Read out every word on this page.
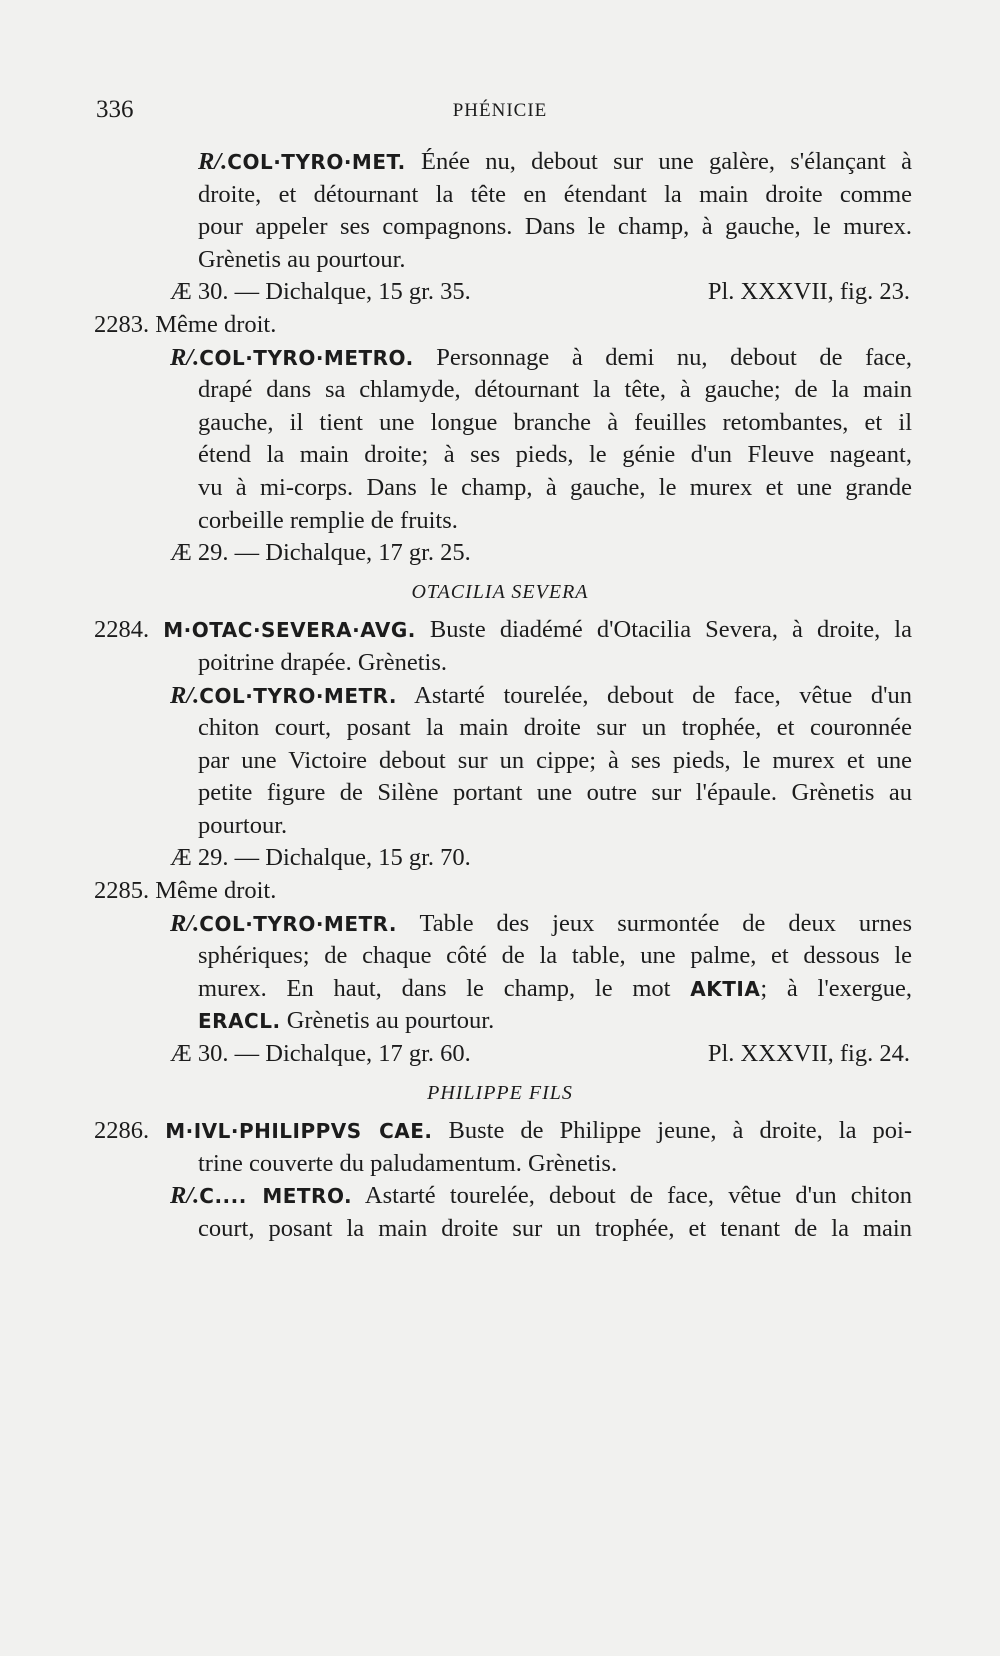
336	PHÉNICIE
R/.COL·TYRO·MET. Énée nu, debout sur une galère, s'élançant à
droite, et détournant la tête en étendant la main droite comme
pour appeler ses compagnons. Dans le champ, à gauche, le murex.
Grènetis au pourtour.
Æ 30. — Dichalque, 15 gr. 35.	Pl. XXXVII, fig. 23.
2283. Même droit.
R/.COL·TYRO·METRO. Personnage à demi nu, debout de face,
drapé dans sa chlamyde, détournant la tête, à gauche; de la main
gauche, il tient une longue branche à feuilles retombantes, et il
étend la main droite; à ses pieds, le génie d'un Fleuve nageant,
vu à mi-corps. Dans le champ, à gauche, le murex et une grande
corbeille remplie de fruits.
Æ 29. — Dichalque, 17 gr. 25.
OTACILIA SEVERA
2284. M·OTAC·SEVERA·AVG. Buste diadémé d'Otacilia Severa, à droite, la
poitrine drapée. Grènetis.
R/.COL·TYRO·METR. Astarté tourelée, debout de face, vêtue d'un
chiton court, posant la main droite sur un trophée, et couronnée
par une Victoire debout sur un cippe; à ses pieds, le murex et une
petite figure de Silène portant une outre sur l'épaule. Grènetis au
pourtour.
Æ 29. — Dichalque, 15 gr. 70.
2285. Même droit.
R/.COL·TYRO·METR. Table des jeux surmontée de deux urnes
sphériques; de chaque côté de la table, une palme, et dessous le
murex. En haut, dans le champ, le mot AKTIA; à l'exergue,
ERACL. Grènetis au pourtour.
Æ 30. — Dichalque, 17 gr. 60.	Pl. XXXVII, fig. 24.
PHILIPPE FILS
2286. M·IVL·PHILIPPVS CAE. Buste de Philippe jeune, à droite, la poi-
trine couverte du paludamentum. Grènetis.
R/.C.... METRO. Astarté tourelée, debout de face, vêtue d'un chiton
court, posant la main droite sur un trophée, et tenant de la main
